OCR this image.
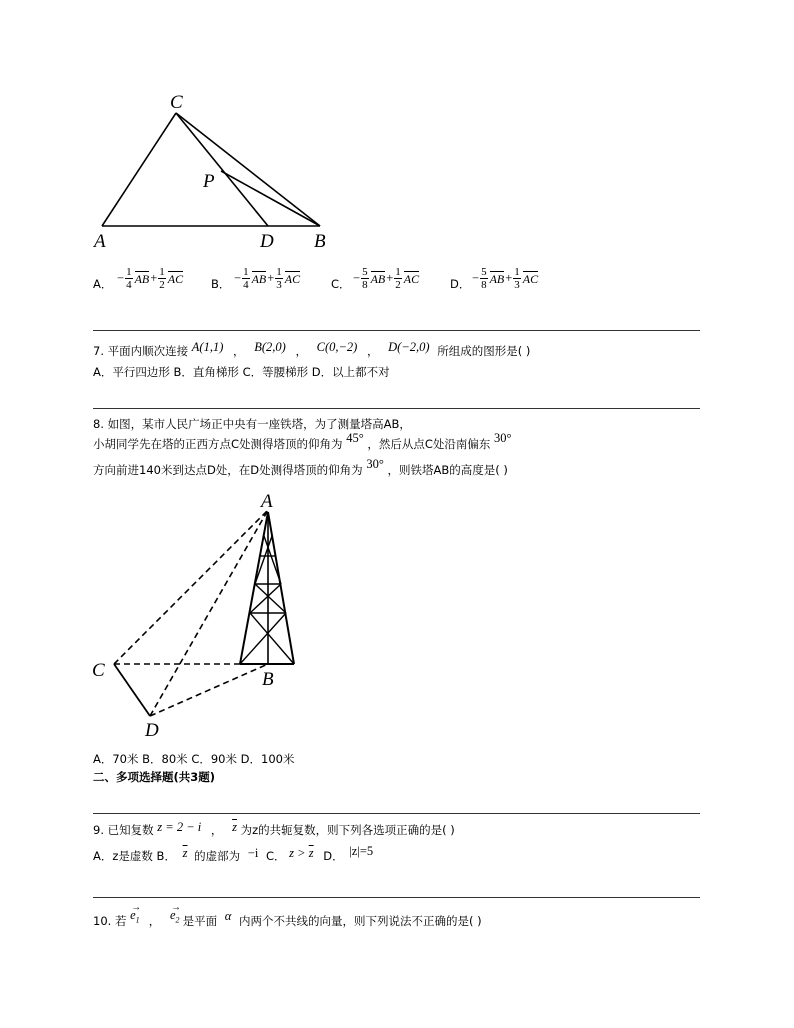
C
P
A	D B
A． − $\frac{1}{4}$ AB + $\frac{1}{2}$ AC B． − $\frac{1}{4}$ AB + $\frac{1}{3}$ AC	C． − $\frac{5}{8}$ AB + $\frac{1}{2}$ AC	D． − $\frac{5}{8}$ AB + $\frac{1}{3}$ AC
7. 平面内顺次连接 A(1,1) ， B(2,0) ， C(0,−2) ， D(−2,0) 所组成的图形是( )
A．平行四边形 B．直角梯形 C．等腰梯形 D．以上都不对
8. 如图，某市人民广场正中央有一座铁塔，为了测量塔高AB，
小胡同学先在塔的正西方点C处测得塔顶的仰角为 45° ，然后从点C处沿南偏东 30°
方向前进140米到达点D处，在D处测得塔顶的仰角为 30° ，则铁塔AB的高度是( )
A
C	B
D
A．70米 B．80米 C．90米 D．100米
二、多项选择题(共3题)
9. 已知复数 z = 2 − i ， $\overline{z}$ 为z的共轭复数，则下列各选项正确的是( )
A．z是虚数 B． $\overline{z}$ 的虚部为 −i C． $z > \overline{z}$ D． |z|=5
10. 若
→
$e_1$ ，
→
$e_2$ 是平面 α 内两个不共线的向量，则下列说法不正确的是( )
